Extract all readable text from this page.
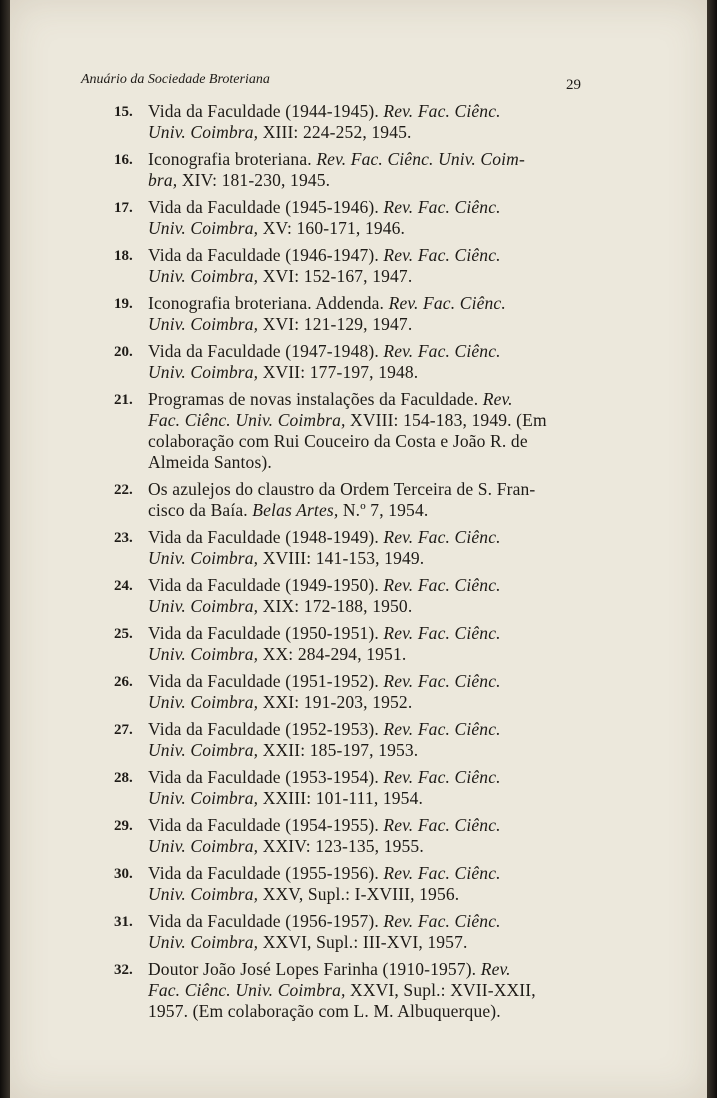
Anuário da Sociedade Broteriana	29
15. Vida da Faculdade (1944-1945). Rev. Fac. Ciênc.
Univ. Coimbra, XIII: 224-252, 1945.
16. Iconografia broteriana. Rev. Fac. Ciênc. Univ. Coim-
bra, XIV: 181-230, 1945.
17. Vida da Faculdade (1945-1946). Rev. Fac. Ciênc.
Univ. Coimbra, XV: 160-171, 1946.
18. Vida da Faculdade (1946-1947). Rev. Fac. Ciênc.
Univ. Coimbra, XVI: 152-167, 1947.
19. Iconografia broteriana. Addenda. Rev. Fac. Ciênc.
Univ. Coimbra, XVI: 121-129, 1947.
20. Vida da Faculdade (1947-1948). Rev. Fac. Ciênc.
Univ. Coimbra, XVII: 177-197, 1948.
21. Programas de novas instalações da Faculdade. Rev.
Fac. Ciênc. Univ. Coimbra, XVIII: 154-183, 1949. (Em
colaboração com Rui Couceiro da Costa e João R. de
Almeida Santos).
22. Os azulejos do claustro da Ordem Terceira de S. Fran-
cisco da Baía. Belas Artes, N.º 7, 1954.
23. Vida da Faculdade (1948-1949). Rev. Fac. Ciênc.
Univ. Coimbra, XVIII: 141-153, 1949.
24. Vida da Faculdade (1949-1950). Rev. Fac. Ciênc.
Univ. Coimbra, XIX: 172-188, 1950.
25. Vida da Faculdade (1950-1951). Rev. Fac. Ciênc.
Univ. Coimbra, XX: 284-294, 1951.
26. Vida da Faculdade (1951-1952). Rev. Fac. Ciênc.
Univ. Coimbra, XXI: 191-203, 1952.
27. Vida da Faculdade (1952-1953). Rev. Fac. Ciênc.
Univ. Coimbra, XXII: 185-197, 1953.
28. Vida da Faculdade (1953-1954). Rev. Fac. Ciênc.
Univ. Coimbra, XXIII: 101-111, 1954.
29. Vida da Faculdade (1954-1955). Rev. Fac. Ciênc.
Univ. Coimbra, XXIV: 123-135, 1955.
30. Vida da Faculdade (1955-1956). Rev. Fac. Ciênc.
Univ. Coimbra, XXV, Supl.: I-XVIII, 1956.
31. Vida da Faculdade (1956-1957). Rev. Fac. Ciênc.
Univ. Coimbra, XXVI, Supl.: III-XVI, 1957.
32. Doutor João José Lopes Farinha (1910-1957). Rev.
Fac. Ciênc. Univ. Coimbra, XXVI, Supl.: XVII-XXII,
1957. (Em colaboração com L. M. Albuquerque).
